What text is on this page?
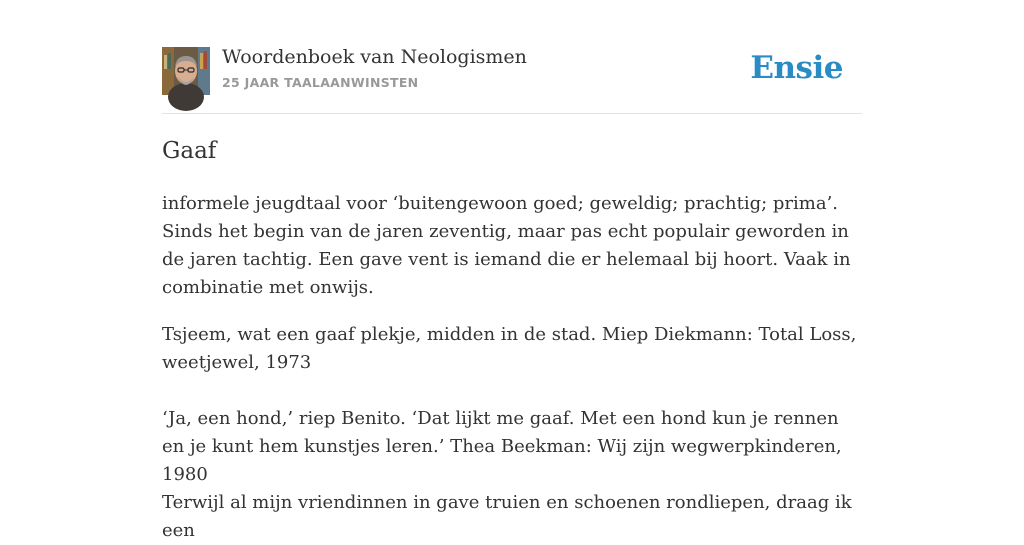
Woordenboek van Neologismen
25 JAAR TAALAANWINSTEN	Ensie
Gaaf

informele jeugdtaal voor ‘buitengewoon goed; geweldig; prachtig; prima’. Sinds het begin van de jaren zeventig, maar pas echt populair geworden in de jaren tachtig. Een gave vent is iemand die er helemaal bij hoort. Vaak in combinatie met onwijs.

Tsjeem, wat een gaaf plekje, midden in de stad. Miep Diekmann: Total Loss, weetjewel, 1973

‘Ja, een hond,’ riep Benito. ‘Dat lijkt me gaaf. Met een hond kun je rennen en je kunt hem kunstjes leren.’ Thea Beekman: Wij zijn wegwerpkinderen, 1980

Terwijl al mijn vriendinnen in gave truien en schoenen rondliepen, draag ik een
